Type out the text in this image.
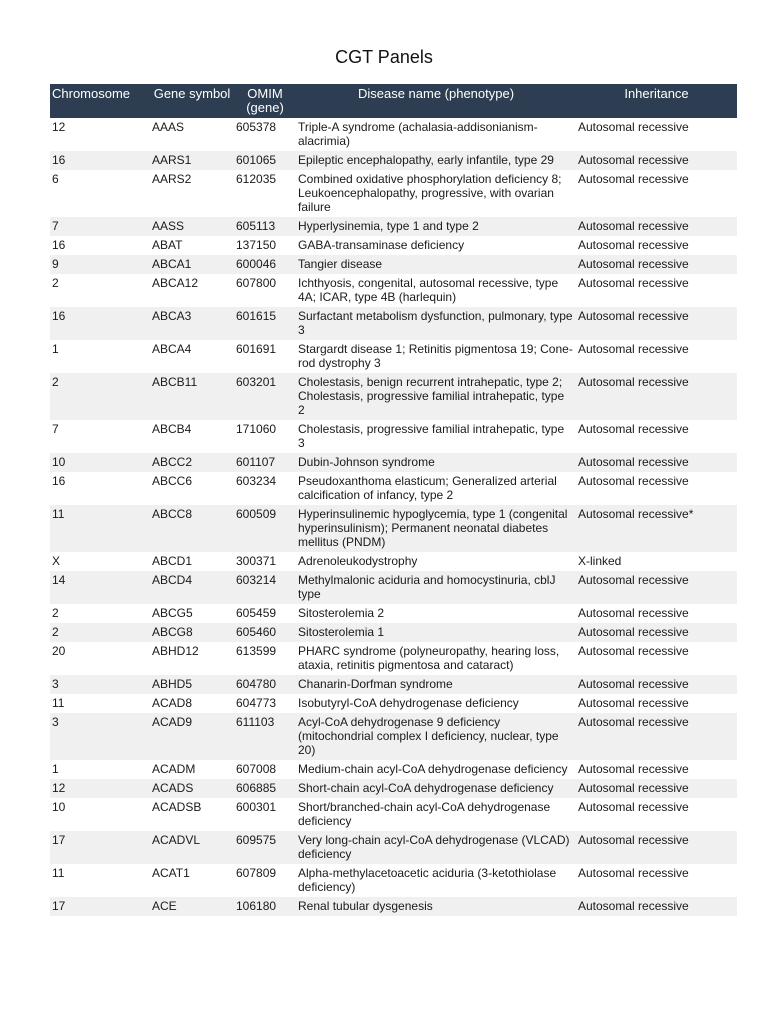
CGT Panels
Chromosome	Gene symbol	OMIM (gene)	Disease name (phenotype)	Inheritance
12	AAAS	605378	Triple-A syndrome (achalasia-addisonianism-alacrimia)	Autosomal recessive
16	AARS1	601065	Epileptic encephalopathy, early infantile, type 29	Autosomal recessive
6	AARS2	612035	Combined oxidative phosphorylation deficiency 8; Leukoencephalopathy, progressive, with ovarian failure	Autosomal recessive
7	AASS	605113	Hyperlysinemia, type 1 and type 2	Autosomal recessive
16	ABAT	137150	GABA-transaminase deficiency	Autosomal recessive
9	ABCA1	600046	Tangier disease	Autosomal recessive
2	ABCA12	607800	Ichthyosis, congenital, autosomal recessive, type 4A; ICAR, type 4B (harlequin)	Autosomal recessive
16	ABCA3	601615	Surfactant metabolism dysfunction, pulmonary, type 3	Autosomal recessive
1	ABCA4	601691	Stargardt disease 1; Retinitis pigmentosa 19; Cone-rod dystrophy 3	Autosomal recessive
2	ABCB11	603201	Cholestasis, benign recurrent intrahepatic, type 2; Cholestasis, progressive familial intrahepatic, type 2	Autosomal recessive
7	ABCB4	171060	Cholestasis, progressive familial intrahepatic, type 3	Autosomal recessive
10	ABCC2	601107	Dubin-Johnson syndrome	Autosomal recessive
16	ABCC6	603234	Pseudoxanthoma elasticum; Generalized arterial calcification of infancy, type 2	Autosomal recessive
11	ABCC8	600509	Hyperinsulinemic hypoglycemia, type 1 (congenital hyperinsulinism); Permanent neonatal diabetes mellitus (PNDM)	Autosomal recessive*
X	ABCD1	300371	Adrenoleukodystrophy	X-linked
14	ABCD4	603214	Methylmalonic aciduria and homocystinuria, cblJ type	Autosomal recessive
2	ABCG5	605459	Sitosterolemia 2	Autosomal recessive
2	ABCG8	605460	Sitosterolemia 1	Autosomal recessive
20	ABHD12	613599	PHARC syndrome (polyneuropathy, hearing loss, ataxia, retinitis pigmentosa and cataract)	Autosomal recessive
3	ABHD5	604780	Chanarin-Dorfman syndrome	Autosomal recessive
11	ACAD8	604773	Isobutyryl-CoA dehydrogenase deficiency	Autosomal recessive
3	ACAD9	611103	Acyl-CoA dehydrogenase 9 deficiency (mitochondrial complex I deficiency, nuclear, type 20)	Autosomal recessive
1	ACADM	607008	Medium-chain acyl-CoA dehydrogenase deficiency	Autosomal recessive
12	ACADS	606885	Short-chain acyl-CoA dehydrogenase deficiency	Autosomal recessive
10	ACADSB	600301	Short/branched-chain acyl-CoA dehydrogenase deficiency	Autosomal recessive
17	ACADVL	609575	Very long-chain acyl-CoA dehydrogenase (VLCAD) deficiency	Autosomal recessive
11	ACAT1	607809	Alpha-methylacetoacetic aciduria (3-ketothiolase deficiency)	Autosomal recessive
17	ACE	106180	Renal tubular dysgenesis	Autosomal recessive
